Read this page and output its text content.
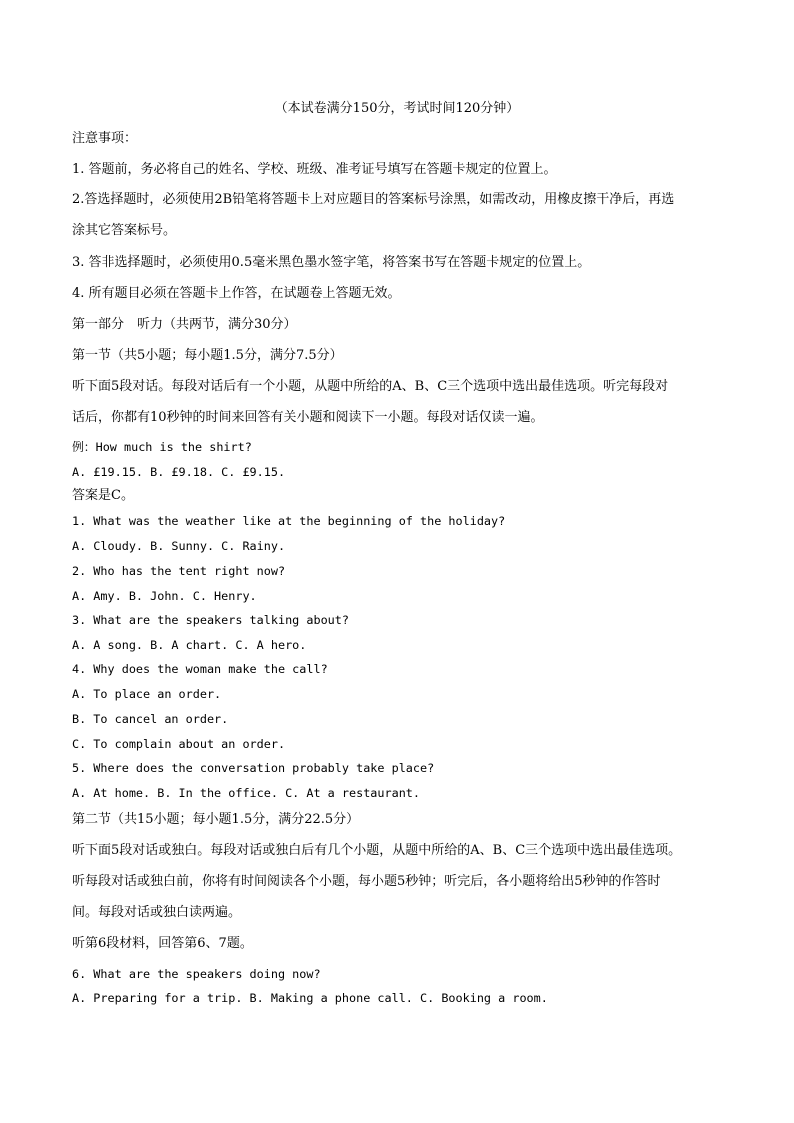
（本试卷满分150分，考试时间120分钟）
注意事项：
1. 答题前，务必将自己的姓名、学校、班级、准考证号填写在答题卡规定的位置上。
2.答选择题时，必须使用2B铅笔将答题卡上对应题目的答案标号涂黑，如需改动，用橡皮擦干净后，再选
涂其它答案标号。
3. 答非选择题时，必须使用0.5毫米黑色墨水签字笔，将答案书写在答题卡规定的位置上。
4. 所有题目必须在答题卡上作答，在试题卷上答题无效。
第一部分　听力（共两节，满分30分）
第一节（共5小题；每小题1.5分，满分7.5分）
听下面5段对话。每段对话后有一个小题，从题中所给的A、B、C三个选项中选出最佳选项。听完每段对
话后，你都有10秒钟的时间来回答有关小题和阅读下一小题。每段对话仅读一遍。
例：How much is the shirt?
A. £19.15. B. £9.18. C. £9.15.
答案是C。
1. What was the weather like at the beginning of the holiday?
A. Cloudy. B. Sunny. C. Rainy.
2. Who has the tent right now?
A. Amy. B. John. C. Henry.
3. What are the speakers talking about?
A. A song. B. A chart. C. A hero.
4. Why does the woman make the call?
A. To place an order.
B. To cancel an order.
C. To complain about an order.
5. Where does the conversation probably take place?
A. At home. B. In the office. C. At a restaurant.
第二节（共15小题；每小题1.5分，满分22.5分）
听下面5段对话或独白。每段对话或独白后有几个小题，从题中所给的A、B、C三个选项中选出最佳选项。
听每段对话或独白前，你将有时间阅读各个小题，每小题5秒钟；听完后，各小题将给出5秒钟的作答时
间。每段对话或独白读两遍。
听第6段材料，回答第6、7题。
6. What are the speakers doing now?
A. Preparing for a trip. B. Making a phone call. C. Booking a room.
